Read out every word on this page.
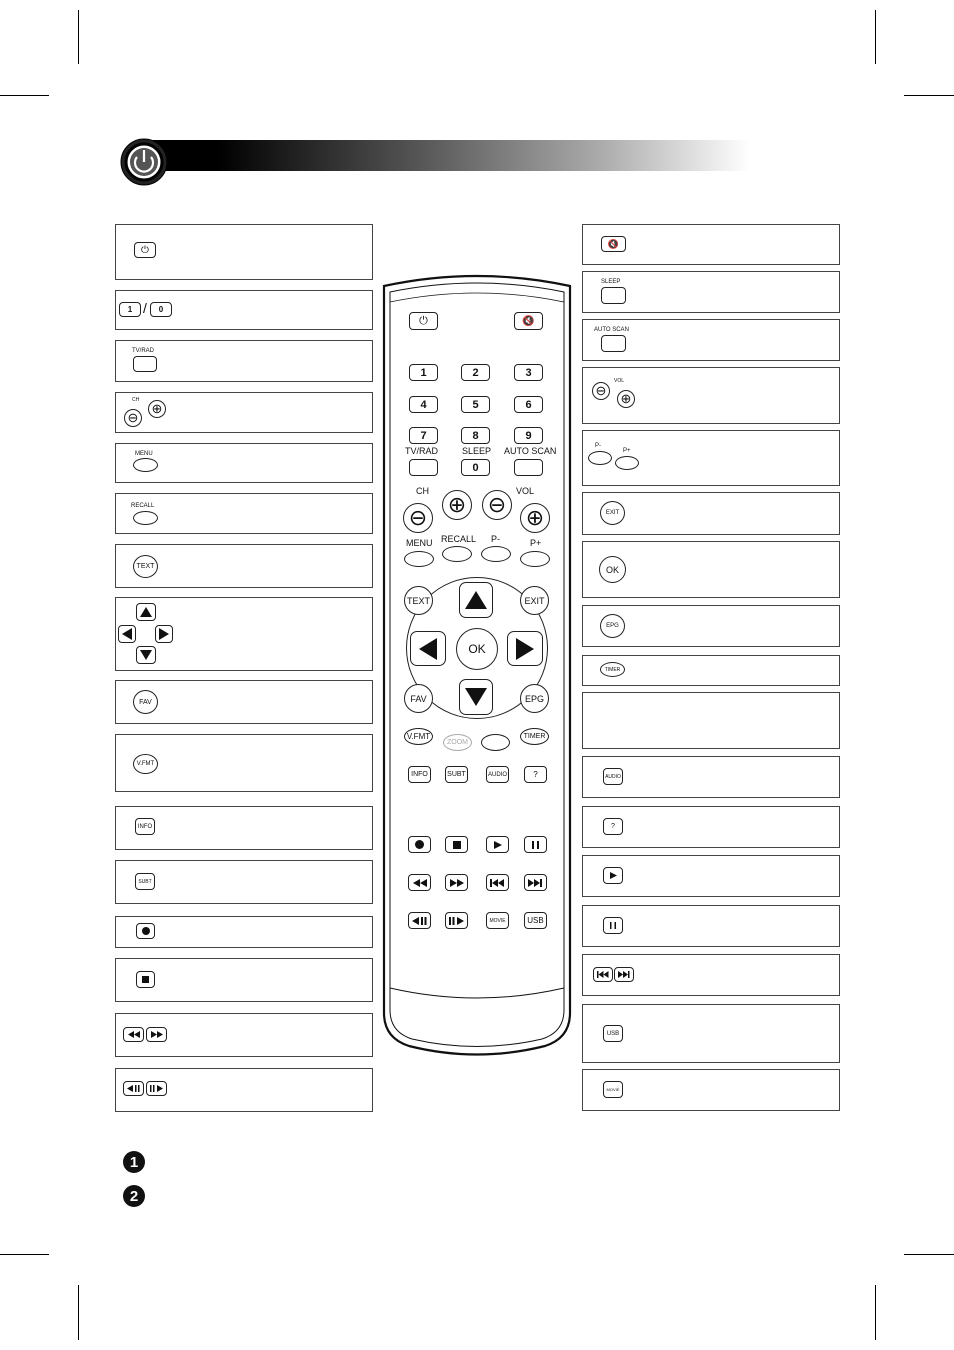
⏻
1 / 0
TV/RAD
CH
⊖
⊕
MENU
RECALL
TEXT
FAV
V.FMT
INFO
SUBT
🔇
SLEEP
AUTO SCAN
VOL
⊖
⊕
P-
P+
EXIT
OK
EPG
TIMER
AUDIO
?
USB
MOVIE
⏻	🔇
1	2	3
4	5	6
7	8	9
TV/RAD	SLEEP AUTO SCAN
0
CH	VOL
⊖
⊕ ⊖
⊕
MENU RECALL P-	P+
TEXT	EXIT
FAV	EPG
OK
V.FMT
ZOOM
TIMER
INFO	SUBT	AUDIO	?
MOVIE	USB
1
2
